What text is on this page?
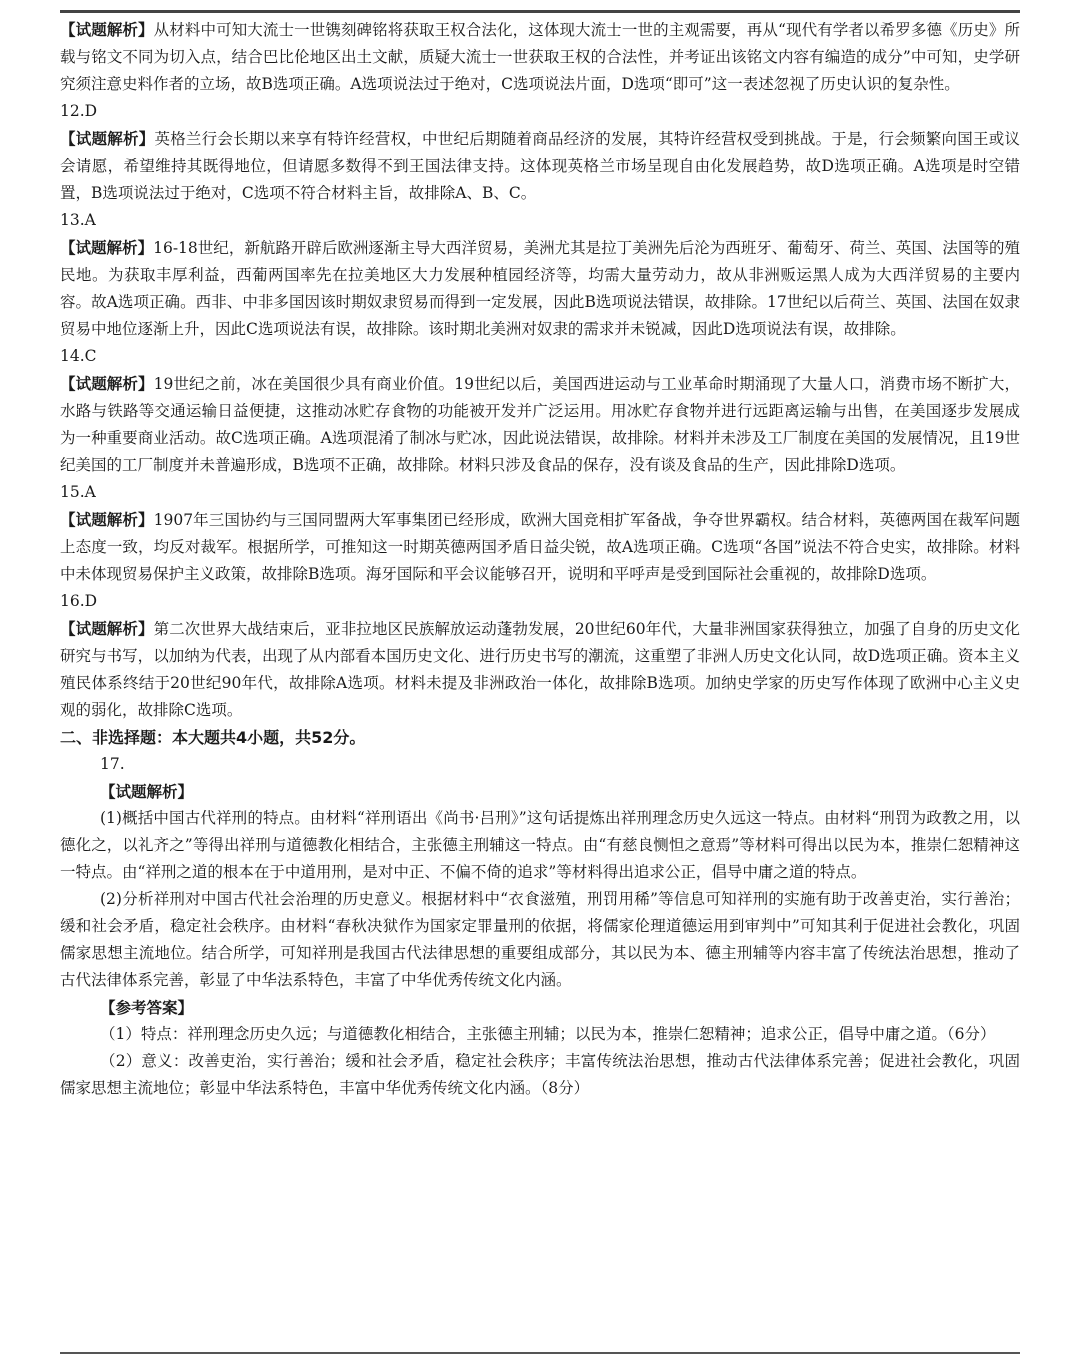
【试题解析】从材料中可知大流士一世镌刻碑铭将获取王权合法化，这体现大流士一世的主观需要，再从“现代有学者以希罗多德《历史》所载与铭文不同为切入点，结合巴比伦地区出土文献，质疑大流士一世获取王权的合法性，并考证出该铭文内容有编造的成分”中可知，史学研究须注意史料作者的立场，故B选项正确。A选项说法过于绝对，C选项说法片面，D选项“即可”这一表述忽视了历史认识的复杂性。

12.D

【试题解析】英格兰行会长期以来享有特许经营权，中世纪后期随着商品经济的发展，其特许经营权受到挑战。于是，行会频繁向国王或议会请愿，希望维持其既得地位，但请愿多数得不到王国法律支持。这体现英格兰市场呈现自由化发展趋势，故D选项正确。A选项是时空错置，B选项说法过于绝对，C选项不符合材料主旨，故排除A、B、C。

13.A

【试题解析】16-18世纪，新航路开辟后欧洲逐渐主导大西洋贸易，美洲尤其是拉丁美洲先后沦为西班牙、葡萄牙、荷兰、英国、法国等的殖民地。为获取丰厚利益，西葡两国率先在拉美地区大力发展种植园经济等，均需大量劳动力，故从非洲贩运黑人成为大西洋贸易的主要内容。故A选项正确。西非、中非多国因该时期奴隶贸易而得到一定发展，因此B选项说法错误，故排除。17世纪以后荷兰、英国、法国在奴隶贸易中地位逐渐上升，因此C选项说法有误，故排除。该时期北美洲对奴隶的需求并未锐减，因此D选项说法有误，故排除。

14.C

【试题解析】19世纪之前，冰在美国很少具有商业价值。19世纪以后，美国西进运动与工业革命时期涌现了大量人口，消费市场不断扩大，水路与铁路等交通运输日益便捷，这推动冰贮存食物的功能被开发并广泛运用。用冰贮存食物并进行远距离运输与出售，在美国逐步发展成为一种重要商业活动。故C选项正确。A选项混淆了制冰与贮冰，因此说法错误，故排除。材料并未涉及工厂制度在美国的发展情况，且19世纪美国的工厂制度并未普遍形成，B选项不正确，故排除。材料只涉及食品的保存，没有谈及食品的生产，因此排除D选项。

15.A

【试题解析】1907年三国协约与三国同盟两大军事集团已经形成，欧洲大国竞相扩军备战，争夺世界霸权。结合材料，英德两国在裁军问题上态度一致，均反对裁军。根据所学，可推知这一时期英德两国矛盾日益尖锐，故A选项正确。C选项“各国”说法不符合史实，故排除。材料中未体现贸易保护主义政策，故排除B选项。海牙国际和平会议能够召开，说明和平呼声是受到国际社会重视的，故排除D选项。

16.D

【试题解析】第二次世界大战结束后，亚非拉地区民族解放运动蓬勃发展，20世纪60年代，大量非洲国家获得独立，加强了自身的历史文化研究与书写，以加纳为代表，出现了从内部看本国历史文化、进行历史书写的潮流，这重塑了非洲人历史文化认同，故D选项正确。资本主义殖民体系终结于20世纪90年代，故排除A选项。材料未提及非洲政治一体化，故排除B选项。加纳史学家的历史写作体现了欧洲中心主义史观的弱化，故排除C选项。

二、非选择题：本大题共4小题，共52分。

17.

【试题解析】

(1)概括中国古代祥刑的特点。由材料“祥刑语出《尚书·吕刑》”这句话提炼出祥刑理念历史久远这一特点。由材料“刑罚为政教之用，以德化之，以礼齐之”等得出祥刑与道德教化相结合，主张德主刑辅这一特点。由“有慈良恻怛之意焉”等材料可得出以民为本，推崇仁恕精神这一特点。由“祥刑之道的根本在于中道用刑，是对中正、不偏不倚的追求”等材料得出追求公正，倡导中庸之道的特点。

(2)分析祥刑对中国古代社会治理的历史意义。根据材料中“衣食滋殖，刑罚用稀”等信息可知祥刑的实施有助于改善吏治，实行善治；缓和社会矛盾，稳定社会秩序。由材料“春秋决狱作为国家定罪量刑的依据，将儒家伦理道德运用到审判中”可知其利于促进社会教化，巩固儒家思想主流地位。结合所学，可知祥刑是我国古代法律思想的重要组成部分，其以民为本、德主刑辅等内容丰富了传统法治思想，推动了古代法律体系完善，彰显了中华法系特色，丰富了中华优秀传统文化内涵。

【参考答案】

（1）特点：祥刑理念历史久远；与道德教化相结合，主张德主刑辅；以民为本，推崇仁恕精神；追求公正，倡导中庸之道。（6分）

（2）意义：改善吏治，实行善治；缓和社会矛盾，稳定社会秩序；丰富传统法治思想，推动古代法律体系完善；促进社会教化，巩固儒家思想主流地位；彰显中华法系特色，丰富中华优秀传统文化内涵。（8分）
